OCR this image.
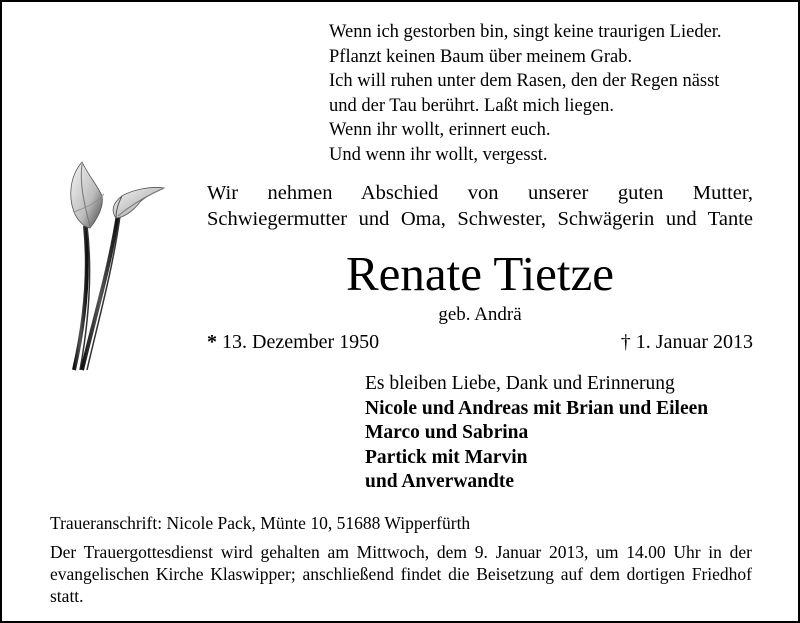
Wenn ich gestorben bin, singt keine traurigen Lieder.
Pflanzt keinen Baum über meinem Grab.
Ich will ruhen unter dem Rasen, den der Regen nässt
und der Tau berührt. Laßt mich liegen.
Wenn ihr wollt, erinnert euch.
Und wenn ihr wollt, vergesst.
Wir nehmen Abschied von unserer guten Mutter,
Schwiegermutter und Oma, Schwester, Schwägerin und Tante
Renate Tietze
geb. Andrä
* 13. Dezember 1950	† 1. Januar 2013
Es bleiben Liebe, Dank und Erinnerung
Nicole und Andreas mit Brian und Eileen
Marco und Sabrina
Partick mit Marvin
und Anverwandte
Traueranschrift: Nicole Pack, Münte 10, 51688 Wipperfürth
Der Trauergottesdienst wird gehalten am Mittwoch, dem 9. Januar 2013, um 14.00 Uhr in der evangelischen Kirche Klaswipper; anschließend findet die Beisetzung auf dem dortigen Friedhof statt.
